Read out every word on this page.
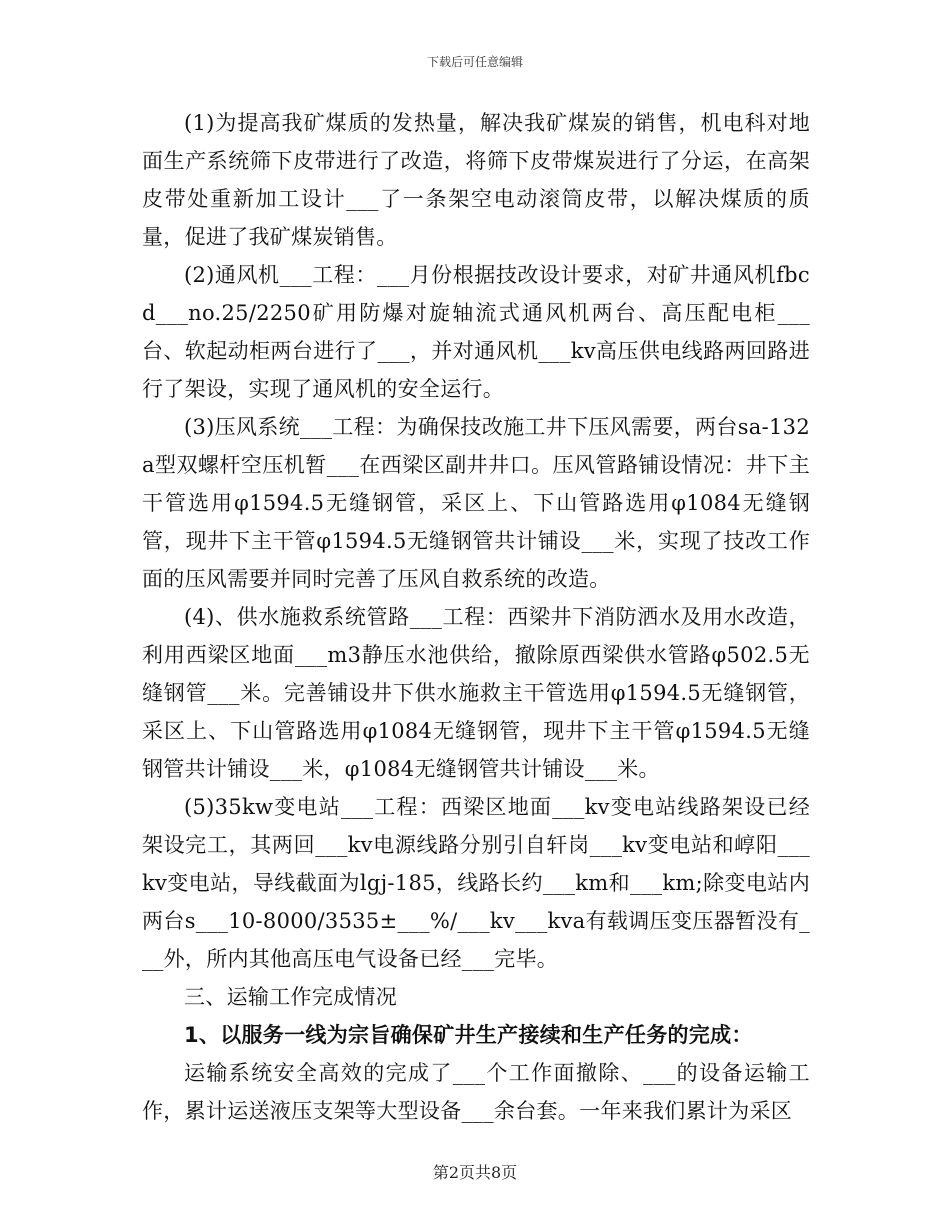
下载后可任意编辑

(1)为提高我矿煤质的发热量，解决我矿煤炭的销售，机电科对地面生产系统筛下皮带进行了改造，将筛下皮带煤炭进行了分运，在高架皮带处重新加工设计___了一条架空电动滚筒皮带，以解决煤质的质量，促进了我矿煤炭销售。

(2)通风机___工程：___月份根据技改设计要求，对矿井通风机fbcd___no.25/2250矿用防爆对旋轴流式通风机两台、高压配电柜___台、软起动柜两台进行了___，并对通风机___kv高压供电线路两回路进行了架设，实现了通风机的安全运行。

(3)压风系统___工程：为确保技改施工井下压风需要，两台sa-132a型双螺杆空压机暂___在西梁区副井井口。压风管路铺设情况：井下主干管选用φ1594.5无缝钢管，采区上、下山管路选用φ1084无缝钢管，现井下主干管φ1594.5无缝钢管共计铺设___米，实现了技改工作面的压风需要并同时完善了压风自救系统的改造。

(4)、供水施救系统管路___工程：西梁井下消防洒水及用水改造，利用西梁区地面___m3静压水池供给，撤除原西梁供水管路φ502.5无缝钢管___米。完善铺设井下供水施救主干管选用φ1594.5无缝钢管，采区上、下山管路选用φ1084无缝钢管，现井下主干管φ1594.5无缝钢管共计铺设___米，φ1084无缝钢管共计铺设___米。

(5)35kw变电站___工程：西梁区地面___kv变电站线路架设已经架设完工，其两回___kv电源线路分别引自轩岗___kv变电站和崞阳___kv变电站，导线截面为lgj-185，线路长约___km和___km;除变电站内两台s___10-8000/3535±___%/___kv___kva有载调压变压器暂没有___外，所内其他高压电气设备已经___完毕。

三、运输工作完成情况

1、以服务一线为宗旨确保矿井生产接续和生产任务的完成：

运输系统安全高效的完成了___个工作面撤除、___的设备运输工作，累计运送液压支架等大型设备___余台套。一年来我们累计为采区

第2页共8页
